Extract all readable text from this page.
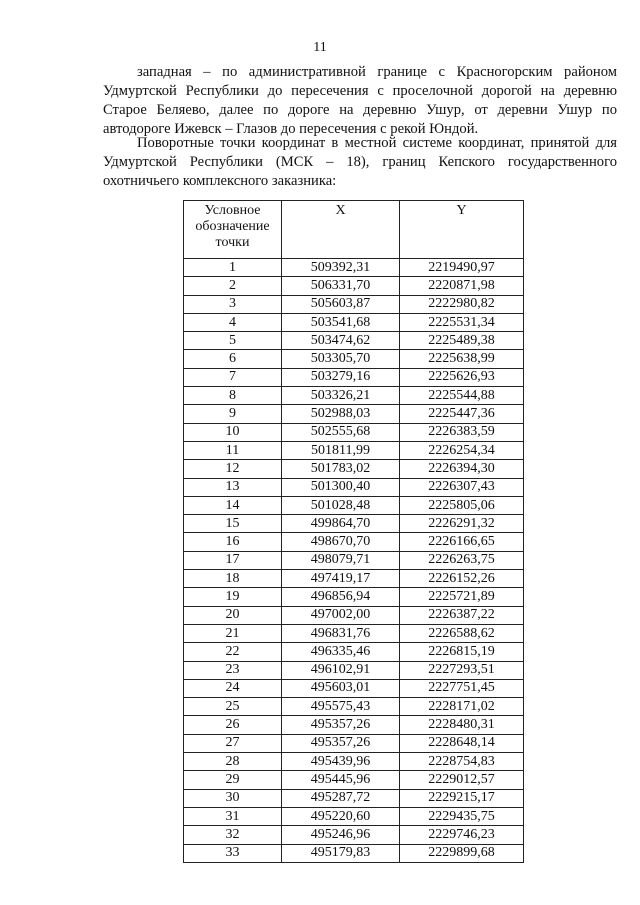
11

западная – по административной границе с Красногорским районом Удмуртской Республики до пересечения с проселочной дорогой на деревню Старое Беляево, далее по дороге на деревню Ушур, от деревни Ушур по автодороге Ижевск – Глазов до пересечения с рекой Юндой.

Поворотные точки координат в местной системе координат, принятой для Удмуртской Республики (МСК – 18), границ Кепского государственного охотничьего комплексного заказника:

Условное обозначение точки	X	Y
1	509392,31	2219490,97
2	506331,70	2220871,98
3	505603,87	2222980,82
4	503541,68	2225531,34
5	503474,62	2225489,38
6	503305,70	2225638,99
7	503279,16	2225626,93
8	503326,21	2225544,88
9	502988,03	2225447,36
10	502555,68	2226383,59
11	501811,99	2226254,34
12	501783,02	2226394,30
13	501300,40	2226307,43
14	501028,48	2225805,06
15	499864,70	2226291,32
16	498670,70	2226166,65
17	498079,71	2226263,75
18	497419,17	2226152,26
19	496856,94	2225721,89
20	497002,00	2226387,22
21	496831,76	2226588,62
22	496335,46	2226815,19
23	496102,91	2227293,51
24	495603,01	2227751,45
25	495575,43	2228171,02
26	495357,26	2228480,31
27	495357,26	2228648,14
28	495439,96	2228754,83
29	495445,96	2229012,57
30	495287,72	2229215,17
31	495220,60	2229435,75
32	495246,96	2229746,23
33	495179,83	2229899,68
